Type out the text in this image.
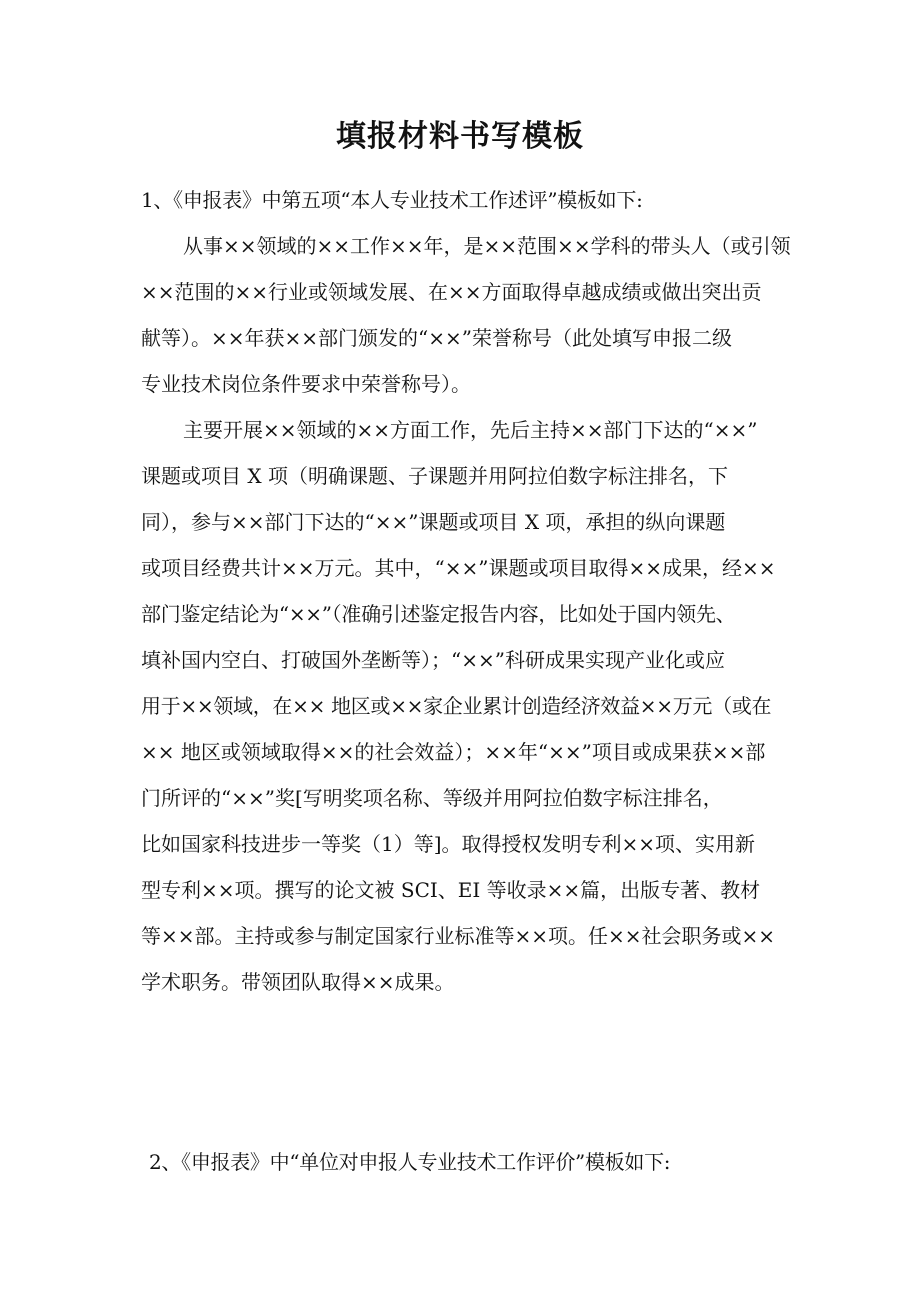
填报材料书写模板

1、《申报表》中第五项“本人专业技术工作述评”模板如下:

从事××领域的××工作××年，是××范围××学科的带头人（或引领

××范围的××行业或领域发展、在××方面取得卓越成绩或做出突出贡

献等）。××年获××部门颁发的“××”荣誉称号（此处填写申报二级

专业技术岗位条件要求中荣誉称号）。

主要开展××领域的××方面工作，先后主持××部门下达的“××”

课题或项目 X 项（明确课题、子课题并用阿拉伯数字标注排名，下

同），参与××部门下达的“××”课题或项目 X 项，承担的纵向课题

或项目经费共计××万元。其中，“××”课题或项目取得××成果，经××

部门鉴定结论为“××”（准确引述鉴定报告内容，比如处于国内领先、

填补国内空白、打破国外垄断等）；“××”科研成果实现产业化或应

用于××领域，在×× 地区或××家企业累计创造经济效益××万元（或在

×× 地区或领域取得××的社会效益）；××年“××”项目或成果获××部

门所评的“××”奖[写明奖项名称、等级并用阿拉伯数字标注排名，

比如国家科技进步一等奖（1）等]。取得授权发明专利××项、实用新

型专利××项。撰写的论文被 SCI、EI 等收录××篇，出版专著、教材

等××部。主持或参与制定国家行业标准等××项。任××社会职务或××

学术职务。带领团队取得××成果。

2、《申报表》中“单位对申报人专业技术工作评价”模板如下:
